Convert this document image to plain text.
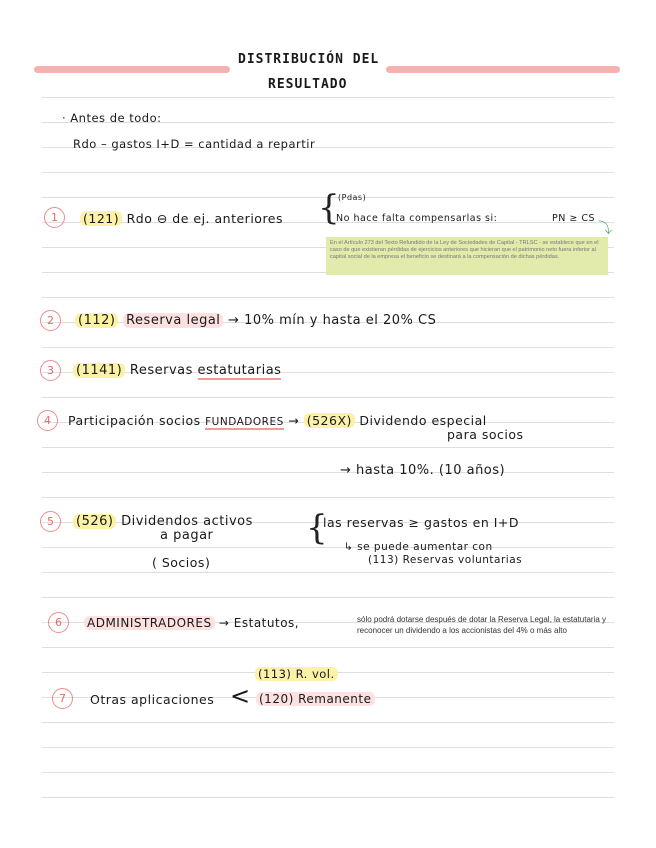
DISTRIBUCIÓN DEL
RESULTADO
· Antes de todo:
Rdo – gastos I+D = cantidad a repartir
1	(121) Rdo ⊖ de ej. anteriores {
(Pdas)
No hace falta compensarlas si:	PN ≥ CS
⤵
En el Artículo 273 del Texto Refundido de la Ley de Sociedades de Capital - TRLSC - se establece que en el caso de que existieran pérdidas de ejercicios anteriores que hicieran que el patrimonio neto fuera inferior al capital social de la empresa el beneficio se destinará a la compensación de dichas pérdidas.
2	(112) Reserva legal → 10% mín y hasta el 20% CS
3	(1141) Reservas estatutarias
4	Participación socios FUNDADORES → (526X) Dividendo especial
para socios
→ hasta 10%. (10 años)
5	(526) Dividendos activos
a pagar
( Socios)
{
las reservas ≥ gastos en I+D
↳ se puede aumentar con
(113) Reservas voluntarias
6	ADMINISTRADORES → Estatutos,	sólo podrá dotarse después de dotar la Reserva Legal, la estatutaria y reconocer un dividendo a los accionistas del 4% o más alto
7	Otras aplicaciones <
(113) R. vol.
(120) Remanente
